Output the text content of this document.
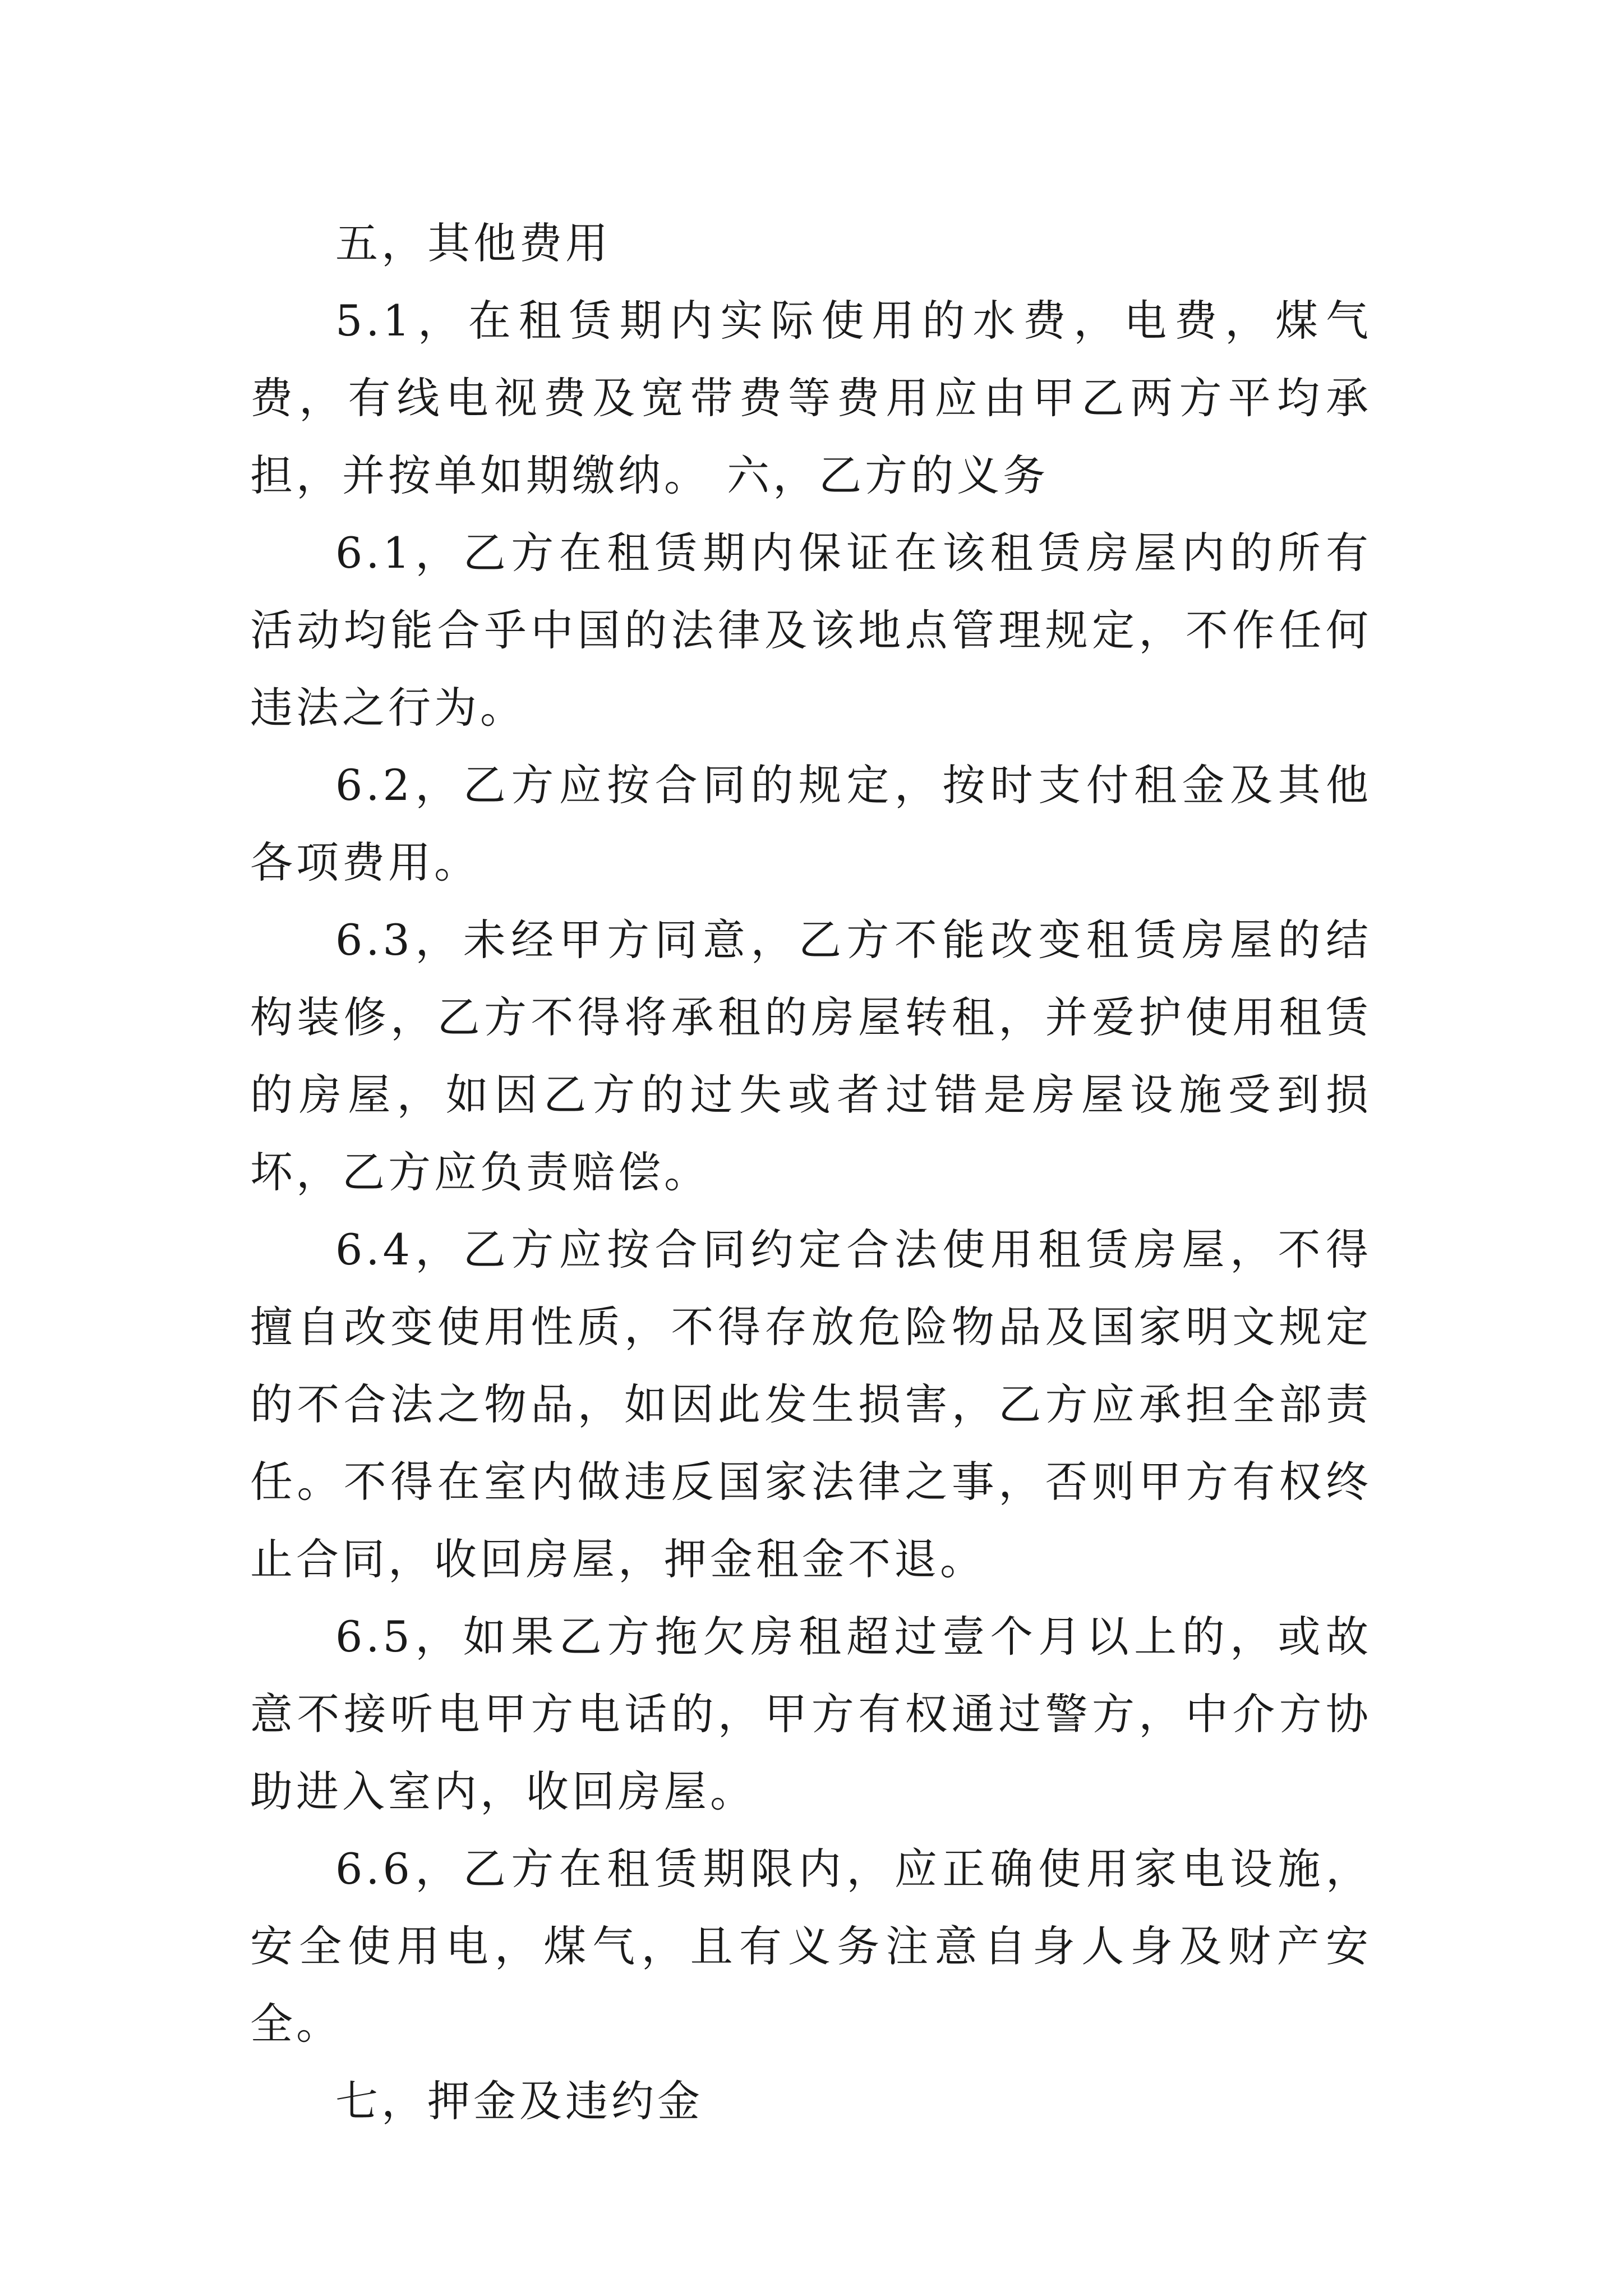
五，其他费用

5.1，在租赁期内实际使用的水费，电费，煤气费，有线电视费及宽带费等费用应由甲乙两方平均承担，并按单如期缴纳。 六，乙方的义务

6.1，乙方在租赁期内保证在该租赁房屋内的所有活动均能合乎中国的法律及该地点管理规定，不作任何违法之行为。

6.2，乙方应按合同的规定，按时支付租金及其他各项费用。

6.3，未经甲方同意，乙方不能改变租赁房屋的结构装修，乙方不得将承租的房屋转租，并爱护使用租赁的房屋，如因乙方的过失或者过错是房屋设施受到损坏，乙方应负责赔偿。

6.4，乙方应按合同约定合法使用租赁房屋，不得擅自改变使用性质，不得存放危险物品及国家明文规定的不合法之物品，如因此发生损害，乙方应承担全部责任。不得在室内做违反国家法律之事，否则甲方有权终止合同，收回房屋，押金租金不退。

6.5，如果乙方拖欠房租超过壹个月以上的，或故意不接听电甲方电话的，甲方有权通过警方，中介方协助进入室内，收回房屋。

6.6，乙方在租赁期限内，应正确使用家电设施，安全使用电，煤气，且有义务注意自身人身及财产安全。

七，押金及违约金
